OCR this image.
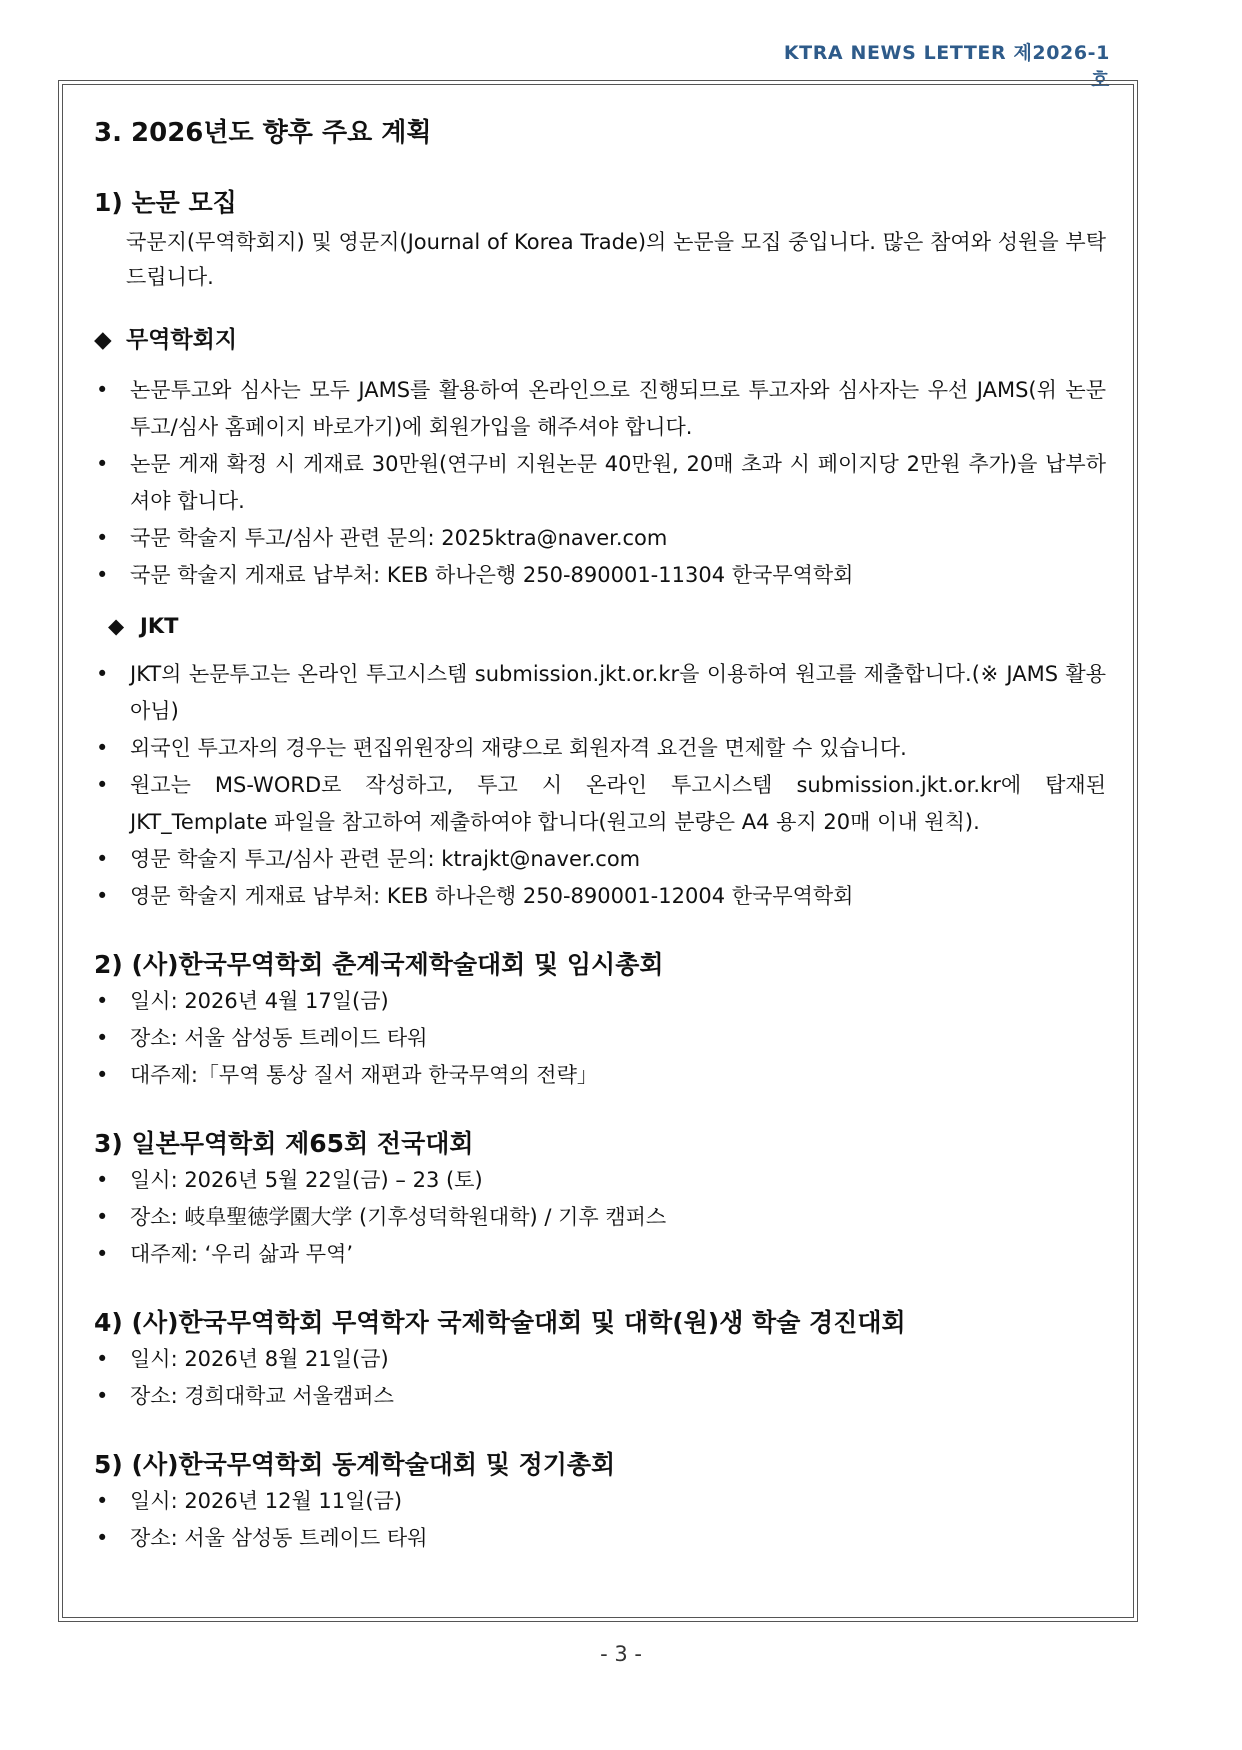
KTRA NEWS LETTER 제2026-1호
3. 2026년도 향후 주요 계획
1) 논문 모집
국문지(무역학회지) 및 영문지(Journal of Korea Trade)의 논문을 모집 중입니다. 많은 참여와 성원을 부탁드립니다.
◆ 무역학회지
• 논문투고와 심사는 모두 JAMS를 활용하여 온라인으로 진행되므로 투고자와 심사자는 우선 JAMS(위 논문투고/심사 홈페이지 바로가기)에 회원가입을 해주셔야 합니다.
• 논문 게재 확정 시 게재료 30만원(연구비 지원논문 40만원, 20매 초과 시 페이지당 2만원 추가)을 납부하셔야 합니다.
• 국문 학술지 투고/심사 관련 문의: 2025ktra@naver.com
• 국문 학술지 게재료 납부처: KEB 하나은행 250-890001-11304 한국무역학회
◆ JKT
• JKT의 논문투고는 온라인 투고시스템 submission.jkt.or.kr을 이용하여 원고를 제출합니다.(※ JAMS 활용 아님)
• 외국인 투고자의 경우는 편집위원장의 재량으로 회원자격 요건을 면제할 수 있습니다.
• 원고는 MS-WORD로 작성하고, 투고 시 온라인 투고시스템 submission.jkt.or.kr에 탑재된 JKT_Template 파일을 참고하여 제출하여야 합니다(원고의 분량은 A4 용지 20매 이내 원칙).
• 영문 학술지 투고/심사 관련 문의: ktrajkt@naver.com
• 영문 학술지 게재료 납부처: KEB 하나은행 250-890001-12004 한국무역학회
2) (사)한국무역학회 춘계국제학술대회 및 임시총회
• 일시: 2026년 4월 17일(금)
• 장소: 서울 삼성동 트레이드 타워
• 대주제:「무역 통상 질서 재편과 한국무역의 전략」
3) 일본무역학회 제65회 전국대회
• 일시: 2026년 5월 22일(금) – 23 (토)
• 장소: 岐阜聖徳学園大学 (기후성덕학원대학) / 기후 캠퍼스
• 대주제: ‘우리 삶과 무역’
4) (사)한국무역학회 무역학자 국제학술대회 및 대학(원)생 학술 경진대회
• 일시: 2026년 8월 21일(금)
• 장소: 경희대학교 서울캠퍼스
5) (사)한국무역학회 동계학술대회 및 정기총회
• 일시: 2026년 12월 11일(금)
• 장소: 서울 삼성동 트레이드 타워
- 3 -
